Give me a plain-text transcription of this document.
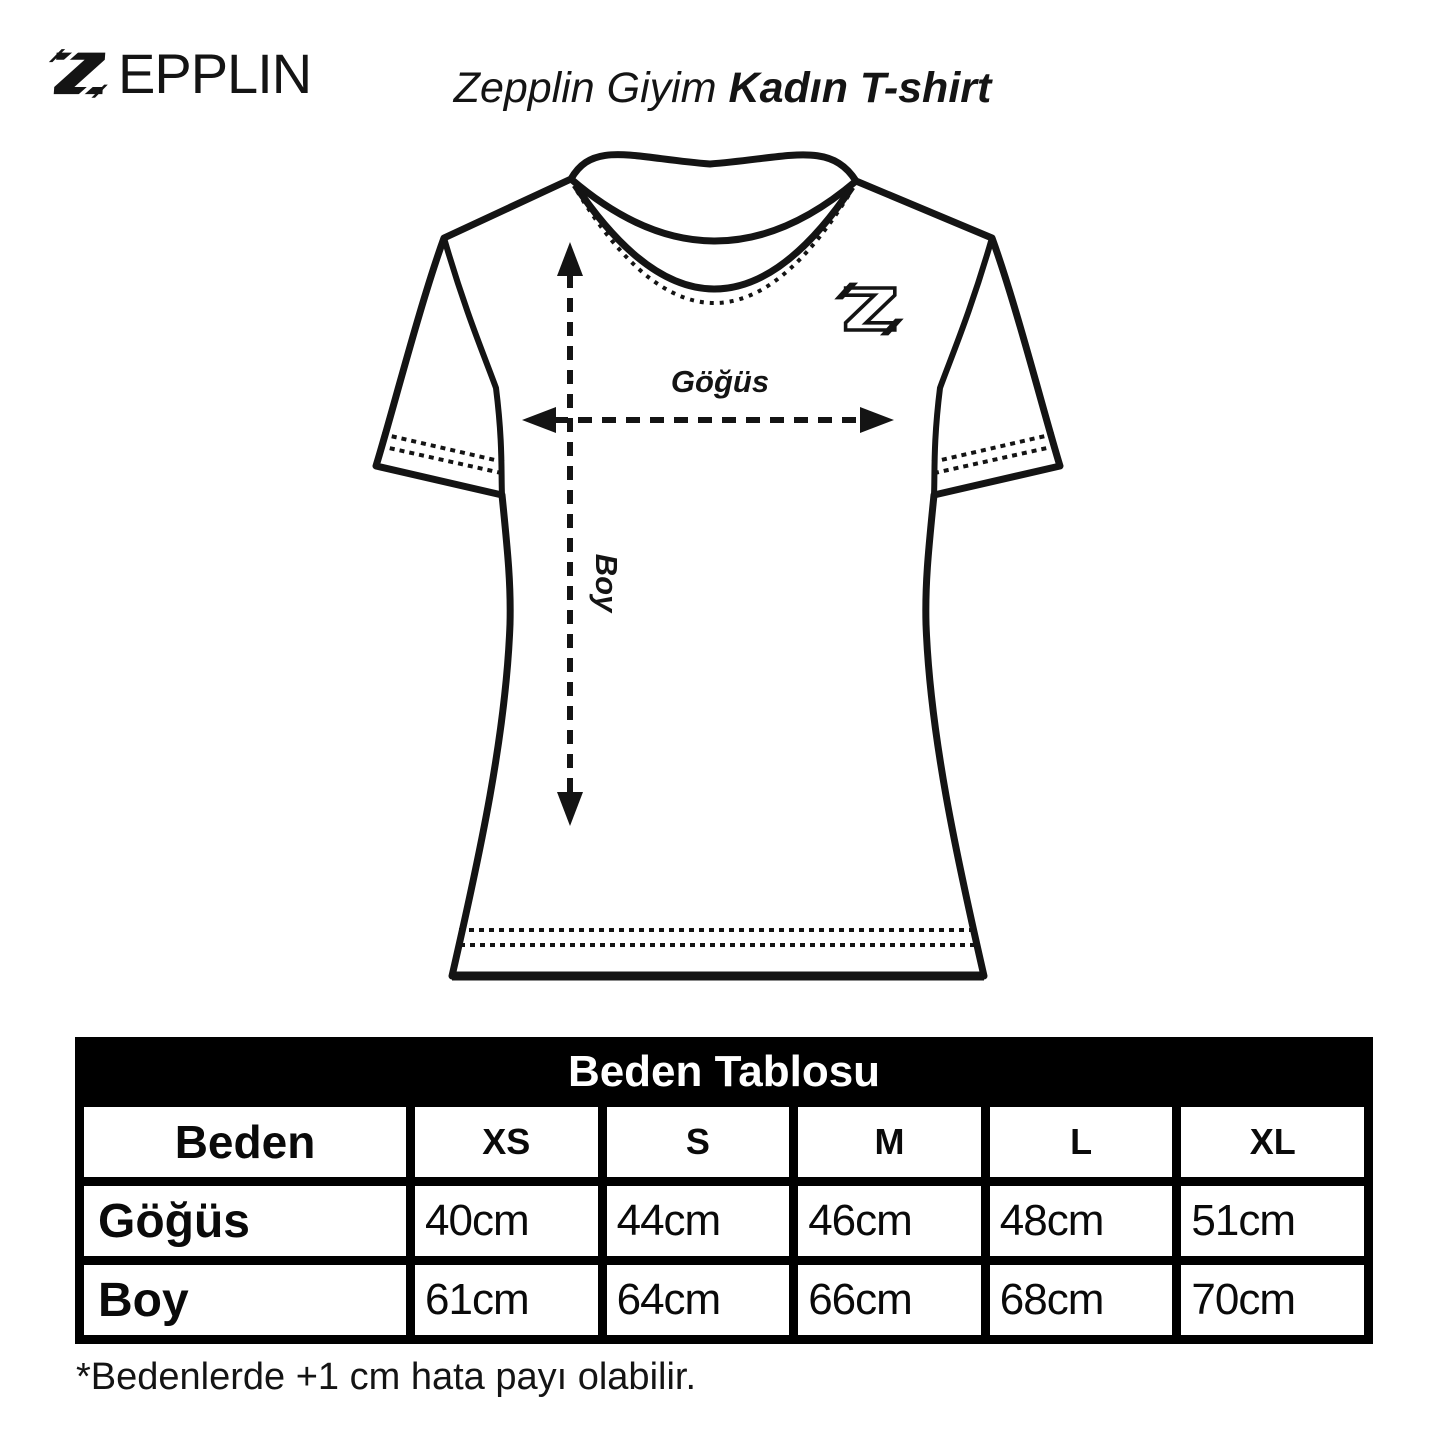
EPPLIN	Zepplin Giyim Kadın T-shirt
Boy
Göğüs
Beden Tablosu
Beden	XS	S	M	L	XL
Göğüs	40cm	44cm	46cm	48cm	51cm
Boy	61cm	64cm	66cm	68cm	70cm
*Bedenlerde +1 cm hata payı olabilir.
